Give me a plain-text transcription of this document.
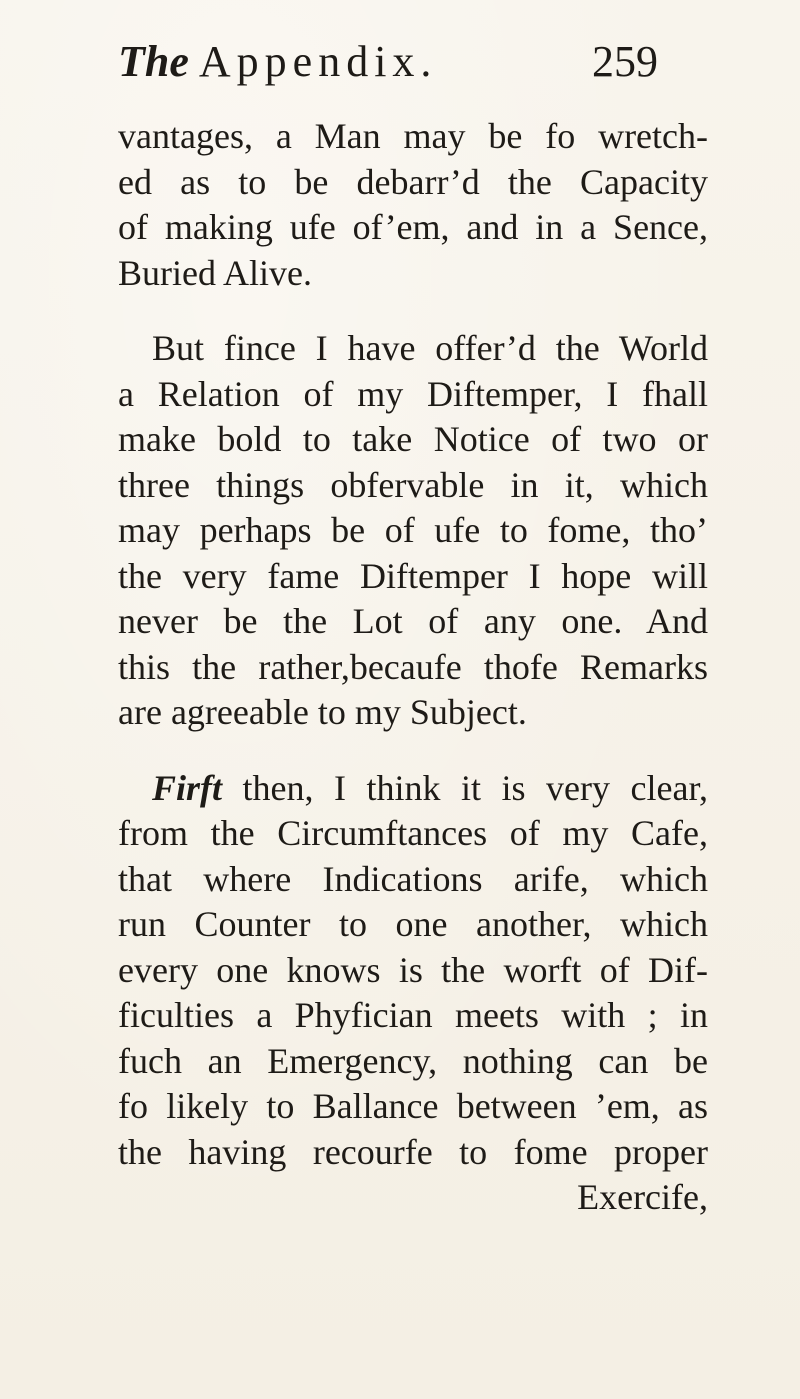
The Appendix.	259
vantages, a Man may be fo wretch-
ed as to be debarr’d the Capacity
of making ufe of’em, and in a Sence,
Buried Alive.
But fince I have offer’d the World
a Relation of my Diftemper, I fhall
make bold to take Notice of two or
three things obfervable in it, which
may perhaps be of ufe to fome, tho’
the very fame Diftemper I hope will
never be the Lot of any one. And
this the rather,becaufe thofe Remarks
are agreeable to my Subject.
Firft then, I think it is very clear,
from the Circumftances of my Cafe,
that where Indications arife, which
run Counter to one another, which
every one knows is the worft of Dif-
ficulties a Phyfician meets with ; in
fuch an Emergency, nothing can be
fo likely to Ballance between ’em, as
the having recourfe to fome proper
Exercife,
